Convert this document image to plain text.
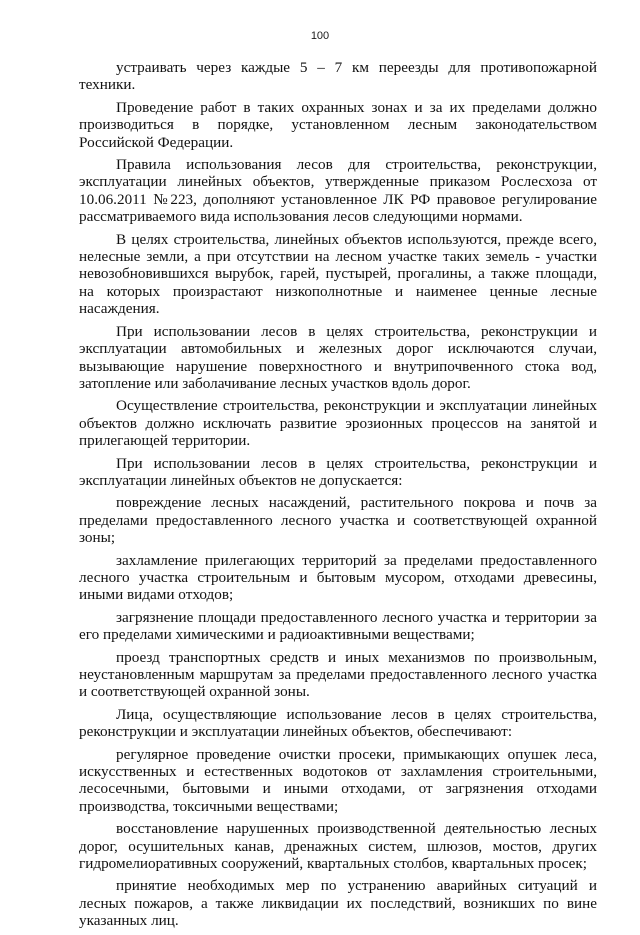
100

устраивать через каждые 5 – 7 км переезды для противопожарной техники.

Проведение работ в таких охранных зонах и за их пределами должно производиться в порядке, установленном лесным законодательством Российской Федерации.

Правила использования лесов для строительства, реконструкции, эксплуатации линейных объектов, утвержденные приказом Рослесхоза от 10.06.2011 №223, дополняют установленное ЛК РФ правовое регулирование рассматриваемого вида использования лесов следующими нормами.

В целях строительства, линейных объектов используются, прежде всего, нелесные земли, а при отсутствии на лесном участке таких земель - участки невозобновившихся вырубок, гарей, пустырей, прогалины, а также площади, на которых произрастают низкополнотные и наименее ценные лесные насаждения.

При использовании лесов в целях строительства, реконструкции и эксплуатации автомобильных и железных дорог исключаются случаи, вызывающие нарушение поверхностного и внутрипочвенного стока вод, затопление или заболачивание лесных участков вдоль дорог.

Осуществление строительства, реконструкции и эксплуатации линейных объектов должно исключать развитие эрозионных процессов на занятой и прилегающей территории.

При использовании лесов в целях строительства, реконструкции и эксплуатации линейных объектов не допускается:

повреждение лесных насаждений, растительного покрова и почв за пределами предоставленного лесного участка и соответствующей охранной зоны;

захламление прилегающих территорий за пределами предоставленного лесного участка строительным и бытовым мусором, отходами древесины, иными видами отходов;

загрязнение площади предоставленного лесного участка и территории за его пределами химическими и радиоактивными веществами;

проезд транспортных средств и иных механизмов по произвольным, неустановленным маршрутам за пределами предоставленного лесного участка и соответствующей охранной зоны.

Лица, осуществляющие использование лесов в целях строительства, реконструкции и эксплуатации линейных объектов, обеспечивают:

регулярное проведение очистки просеки, примыкающих опушек леса, искусственных и естественных водотоков от захламления строительными, лесосечными, бытовыми и иными отходами, от загрязнения отходами производства, токсичными веществами;

восстановление нарушенных производственной деятельностью лесных дорог, осушительных канав, дренажных систем, шлюзов, мостов, других гидромелиоративных сооружений, квартальных столбов, квартальных просек;

принятие необходимых мер по устранению аварийных ситуаций и лесных пожаров, а также ликвидации их последствий, возникших по вине указанных лиц.
